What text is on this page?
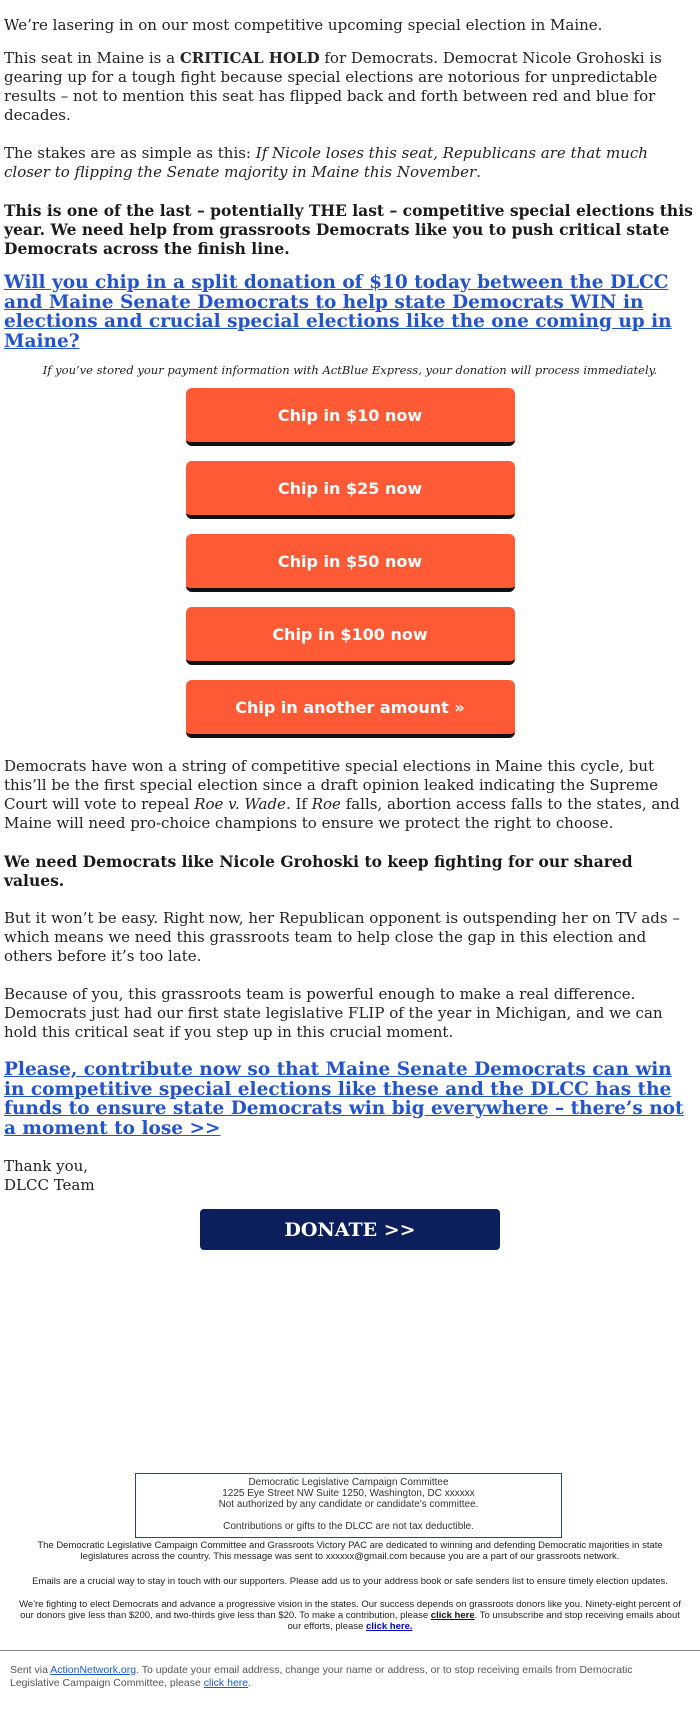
We’re lasering in on our most competitive upcoming special election in Maine.

This seat in Maine is a CRITICAL HOLD for Democrats. Democrat Nicole Grohoski is gearing up for a tough fight because special elections are notorious for unpredictable results – not to mention this seat has flipped back and forth between red and blue for decades.

The stakes are as simple as this: If Nicole loses this seat, Republicans are that much closer to flipping the Senate majority in Maine this November.

This is one of the last – potentially THE last – competitive special elections this year. We need help from grassroots Democrats like you to push critical state Democrats across the finish line.

Will you chip in a split donation of $10 today between the DLCC and Maine Senate Democrats to help state Democrats WIN in elections and crucial special elections like the one coming up in Maine?

If you’ve stored your payment information with ActBlue Express, your donation will process immediately.

Chip in $10 now
Chip in $25 now
Chip in $50 now
Chip in $100 now
Chip in another amount »

Democrats have won a string of competitive special elections in Maine this cycle, but this’ll be the first special election since a draft opinion leaked indicating the Supreme Court will vote to repeal Roe v. Wade. If Roe falls, abortion access falls to the states, and Maine will need pro-choice champions to ensure we protect the right to choose.

We need Democrats like Nicole Grohoski to keep fighting for our shared values.

But it won’t be easy. Right now, her Republican opponent is outspending her on TV ads – which means we need this grassroots team to help close the gap in this election and others before it’s too late.

Because of you, this grassroots team is powerful enough to make a real difference. Democrats just had our first state legislative FLIP of the year in Michigan, and we can hold this critical seat if you step up in this crucial moment.

Please, contribute now so that Maine Senate Democrats can win in competitive special elections like these and the DLCC has the funds to ensure state Democrats win big everywhere – there’s not a moment to lose >>
Thank you,
DLCC Team
DONATE >>
Democratic Legislative Campaign Committee
1225 Eye Street NW Suite 1250, Washington, DC xxxxxx
Not authorized by any candidate or candidate's committee.
Contributions or gifts to the DLCC are not tax deductible.
The Democratic Legislative Campaign Committee and Grassroots Victory PAC are dedicated to winning and defending Democratic majorities in state legislatures across the country. This message was sent to xxxxxx@gmail.com because you are a part of our grassroots network.
Emails are a crucial way to stay in touch with our supporters. Please add us to your address book or safe senders list to ensure timely election updates.
We're fighting to elect Democrats and advance a progressive vision in the states. Our success depends on grassroots donors like you. Ninety-eight percent of our donors give less than $200, and two-thirds give less than $20. To make a contribution, please click here. To unsubscribe and stop receiving emails about our efforts, please click here.
Sent via ActionNetwork.org. To update your email address, change your name or address, or to stop receiving emails from Democratic Legislative Campaign Committee, please click here.
